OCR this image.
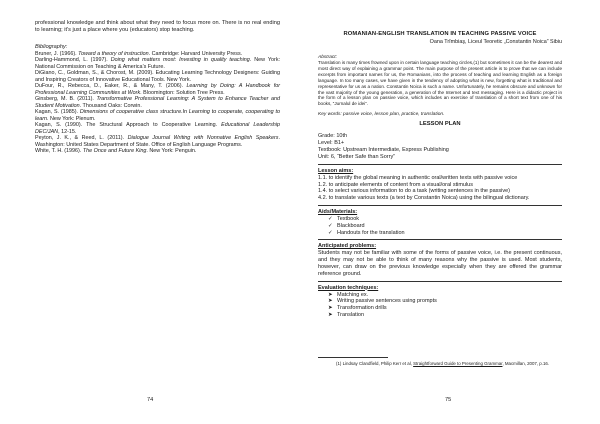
professional knowledge and think about what they need to focus more on. There is no real ending to learning; it’s just a place where you (educators) stop teaching.

Bibliography:

Bruner, J. (1966). Toward a theory of instruction. Cambridge: Harvard University Press.

Darling-Hammond, L. (1997). Doing what matters most: Investing in quality teaching. New York: National Commission on Teaching & America’s Future.

DiGiano, C., Goldman, S., & Chorost, M. (2009). Educating Learning Technology Designers: Guiding and Inspiring Creators of Innovative Educational Tools. New York.

DuFour, R., Rebecca, D., Eaker, R., & Many, T. (2006). Learning by Doing: A Handbook for Professional Learning Communities at Work. Bloomington: Solution Tree Press.

Ginsberg, M. B. (2011). Transformative Professional Learning: A System to Enhance Teacher and Student Motivation. Thousand Oaks: Corwin.

Kagan, S. (1985). Dimensions of cooperative class structure.In Learning to cooperate, cooperating to learn. New York: Plenum.

Kagan, S. (1990). The Structural Approach to Cooperative Learning. Educational Leadership DEC/JAN, 12-15.

Peyton, J. K., & Reed, L. (2011). Dialogue Journal Writing with Nonnative English Speakers. Washington: United States Department of State. Office of English Language Programs.

White, T. H. (1996). The Once and Future King. New York: Penguin.

74

ROMANIAN-ENGLISH TRANSLATION IN TEACHING PASSIVE VOICE

Oana Trîmbiaş, Liceul Teoretic „Constantin Noica” Sibiu

Abstract:

Translation is many times frowned upon in certain language teaching circles,(1) but sometimes it can be the dearest and most direct way of explaining a grammar point. The main purpose of the present article is to prove that we can include excerpts from important names for us, the Romanians, into the process of teaching and learning English as a foreign language. In too many cases, we have given in the tendency of adopting what is new, forgetting what is traditional and representative for us as a nation. Constantin Noica is such a name. Unfortunately, he remains obscure and unknown for the vast majority of the young generation, a generation of the Internet and text messaging. Here is a didactic project in the form of a lesson plan on passive voice, which includes an exercise of translation of a short text from one of his books, “Jurnalul de idei”.

Key words: passive voice, lesson plan, practice, translation.

LESSON PLAN

Grade: 10th

Level: B1+

Textbook: Upstream Intermediate, Express Publishing

Unit: 6, “Better Safe than Sorry”

Lesson aims:

1.1. to identify the global meaning in authentic oral/written texts with passive voice

1.2. to anticipate elements of content from a visual/oral stimulus

1.4. to select various information to do a task (writing sentences in the passive)

4.2. to translate various texts (a text by Constantin Noica) using the bilingual dictionary.

Aids/Materials:

✓ Textbook

✓ Blackboard

✓ Handouts for the translation

Anticipated problems:

Students may not be familiar with some of the forms of passive voice, i.e. the present continuous, and they may not be able to think of many reasons why the passive is used. Most students, however, can draw on the previous knowledge especially when they are offered the grammar reference ground.

Evaluation techniques:

➤ Matching ex.

➤ Writing passive sentences using prompts

➤ Transformation drills

➤ Translation

(1) Lindsay Clandfield, Philip Kerr et al, Straightforward Guide to Presenting Grammar, Macmillan, 2007, p.16.

75
